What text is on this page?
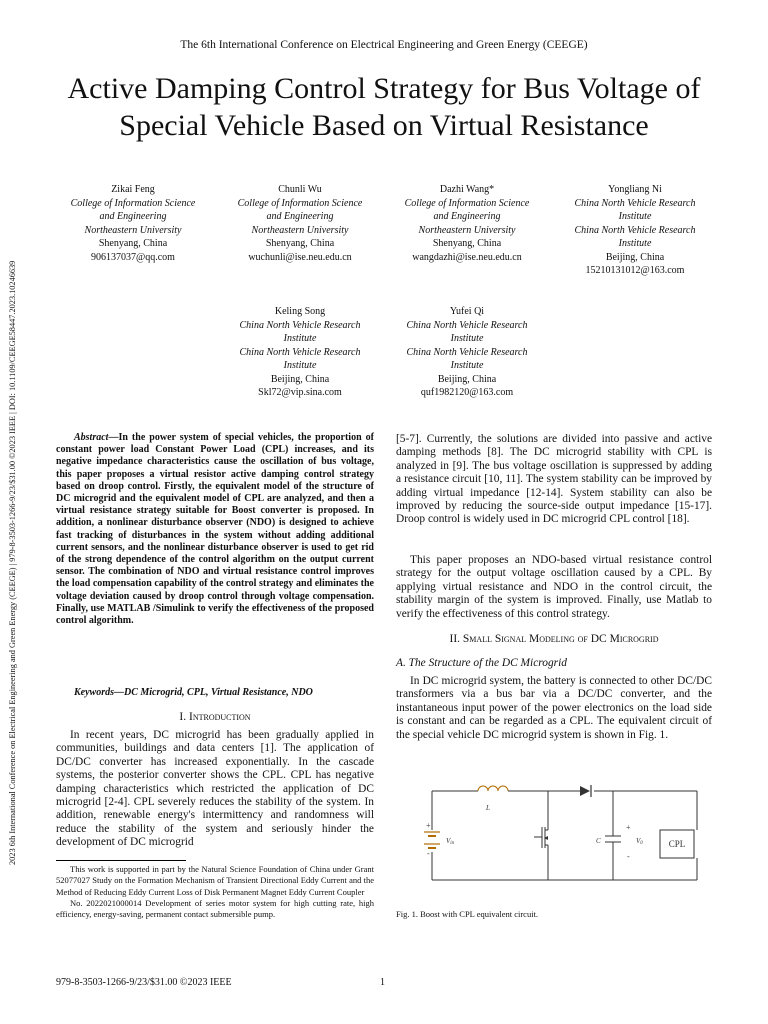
The 6th International Conference on Electrical Engineering and Green Energy (CEEGE)
Active Damping Control Strategy for Bus Voltage of
Special Vehicle Based on Virtual Resistance
2023 6th International Conference on Electrical Engineering and Green Energy (CEEGE) | 979-8-3503-1266-9/23/$31.00 ©2023 IEEE | DOI: 10.1109/CEEGE58447.2023.10246639
Zikai Feng
College of Information Science
and Engineering
Northeastern University
Shenyang, China
906137037@qq.com
Chunli Wu
College of Information Science
and Engineering
Northeastern University
Shenyang, China
wuchunli@ise.neu.edu.cn
Dazhi Wang*
College of Information Science
and Engineering
Northeastern University
Shenyang, China
wangdazhi@ise.neu.edu.cn
Yongliang Ni
China North Vehicle Research
Institute
China North Vehicle Research
Institute
Beijing, China
15210131012@163.com
Keling Song
China North Vehicle Research
Institute
China North Vehicle Research
Institute
Beijing, China
Skl72@vip.sina.com
Yufei Qi
China North Vehicle Research
Institute
China North Vehicle Research
Institute
Beijing, China
quf1982120@163.com
Abstract—In the power system of special vehicles, the proportion of constant power load Constant Power Load (CPL) increases, and its negative impedance characteristics cause the oscillation of bus voltage, this paper proposes a virtual resistor active damping control strategy based on droop control. Firstly, the equivalent model of the structure of DC microgrid and the equivalent model of CPL are analyzed, and then a virtual resistance strategy suitable for Boost converter is proposed. In addition, a nonlinear disturbance observer (NDO) is designed to achieve fast tracking of disturbances in the system without adding additional current sensors, and the nonlinear disturbance observer is used to get rid of the strong dependence of the control algorithm on the output current sensor. The combination of NDO and virtual resistance control improves the load compensation capability of the control strategy and eliminates the voltage deviation caused by droop control through voltage compensation. Finally, use MATLAB /Simulink to verify the effectiveness of the proposed control algorithm.
Keywords—DC Microgrid, CPL, Virtual Resistance, NDO
I. Introduction

In recent years, DC microgrid has been gradually applied in communities, buildings and data centers [1]. The application of DC/DC converter has increased exponentially. In the cascade systems, the posterior converter shows the CPL. CPL has negative damping characteristics which restricted the application of DC microgrid [2-4]. CPL severely reduces the stability of the system. In addition, renewable energy's intermittency and randomness will reduce the stability of the system and seriously hinder the development of DC microgrid

This work is supported in part by the Natural Science Foundation of China under Grant 52077027 Study on the Formation Mechanism of Transient Directional Eddy Current and the Method of Reducing Eddy Current Loss of Disk Permanent Magnet Eddy Current Coupler

No. 2022021000014 Development of series motor system for high cutting rate, high efficiency, energy-saving, permanent contact submersible pump.

[5-7]. Currently, the solutions are divided into passive and active damping methods [8]. The DC microgrid stability with CPL is analyzed in [9]. The bus voltage oscillation is suppressed by adding a resistance circuit [10, 11]. The system stability can be improved by adding virtual impedance [12-14]. System stability can also be improved by reducing the source-side output impedance [15-17]. Droop control is widely used in DC microgrid CPL control [18].

This paper proposes an NDO-based virtual resistance control strategy for the output voltage oscillation caused by a CPL. By applying virtual resistance and NDO in the control circuit, the stability margin of the system is improved. Finally, use Matlab to verify the effectiveness of this control strategy.

II. Small Signal Modeling of DC Microgrid
A. The Structure of the DC Microgrid

In DC microgrid system, the battery is connected to other DC/DC transformers via a bus bar via a DC/DC converter, and the instantaneous input power of the power electronics on the load side is constant and can be regarded as a CPL. The equivalent circuit of the special vehicle DC microgrid system is shown in Fig. 1.

L
Vin
+
-
C
+
V0
-
CPL
Fig. 1. Boost with CPL equivalent circuit.
979-8-3503-1266-9/23/$31.00 ©2023 IEEE	1
